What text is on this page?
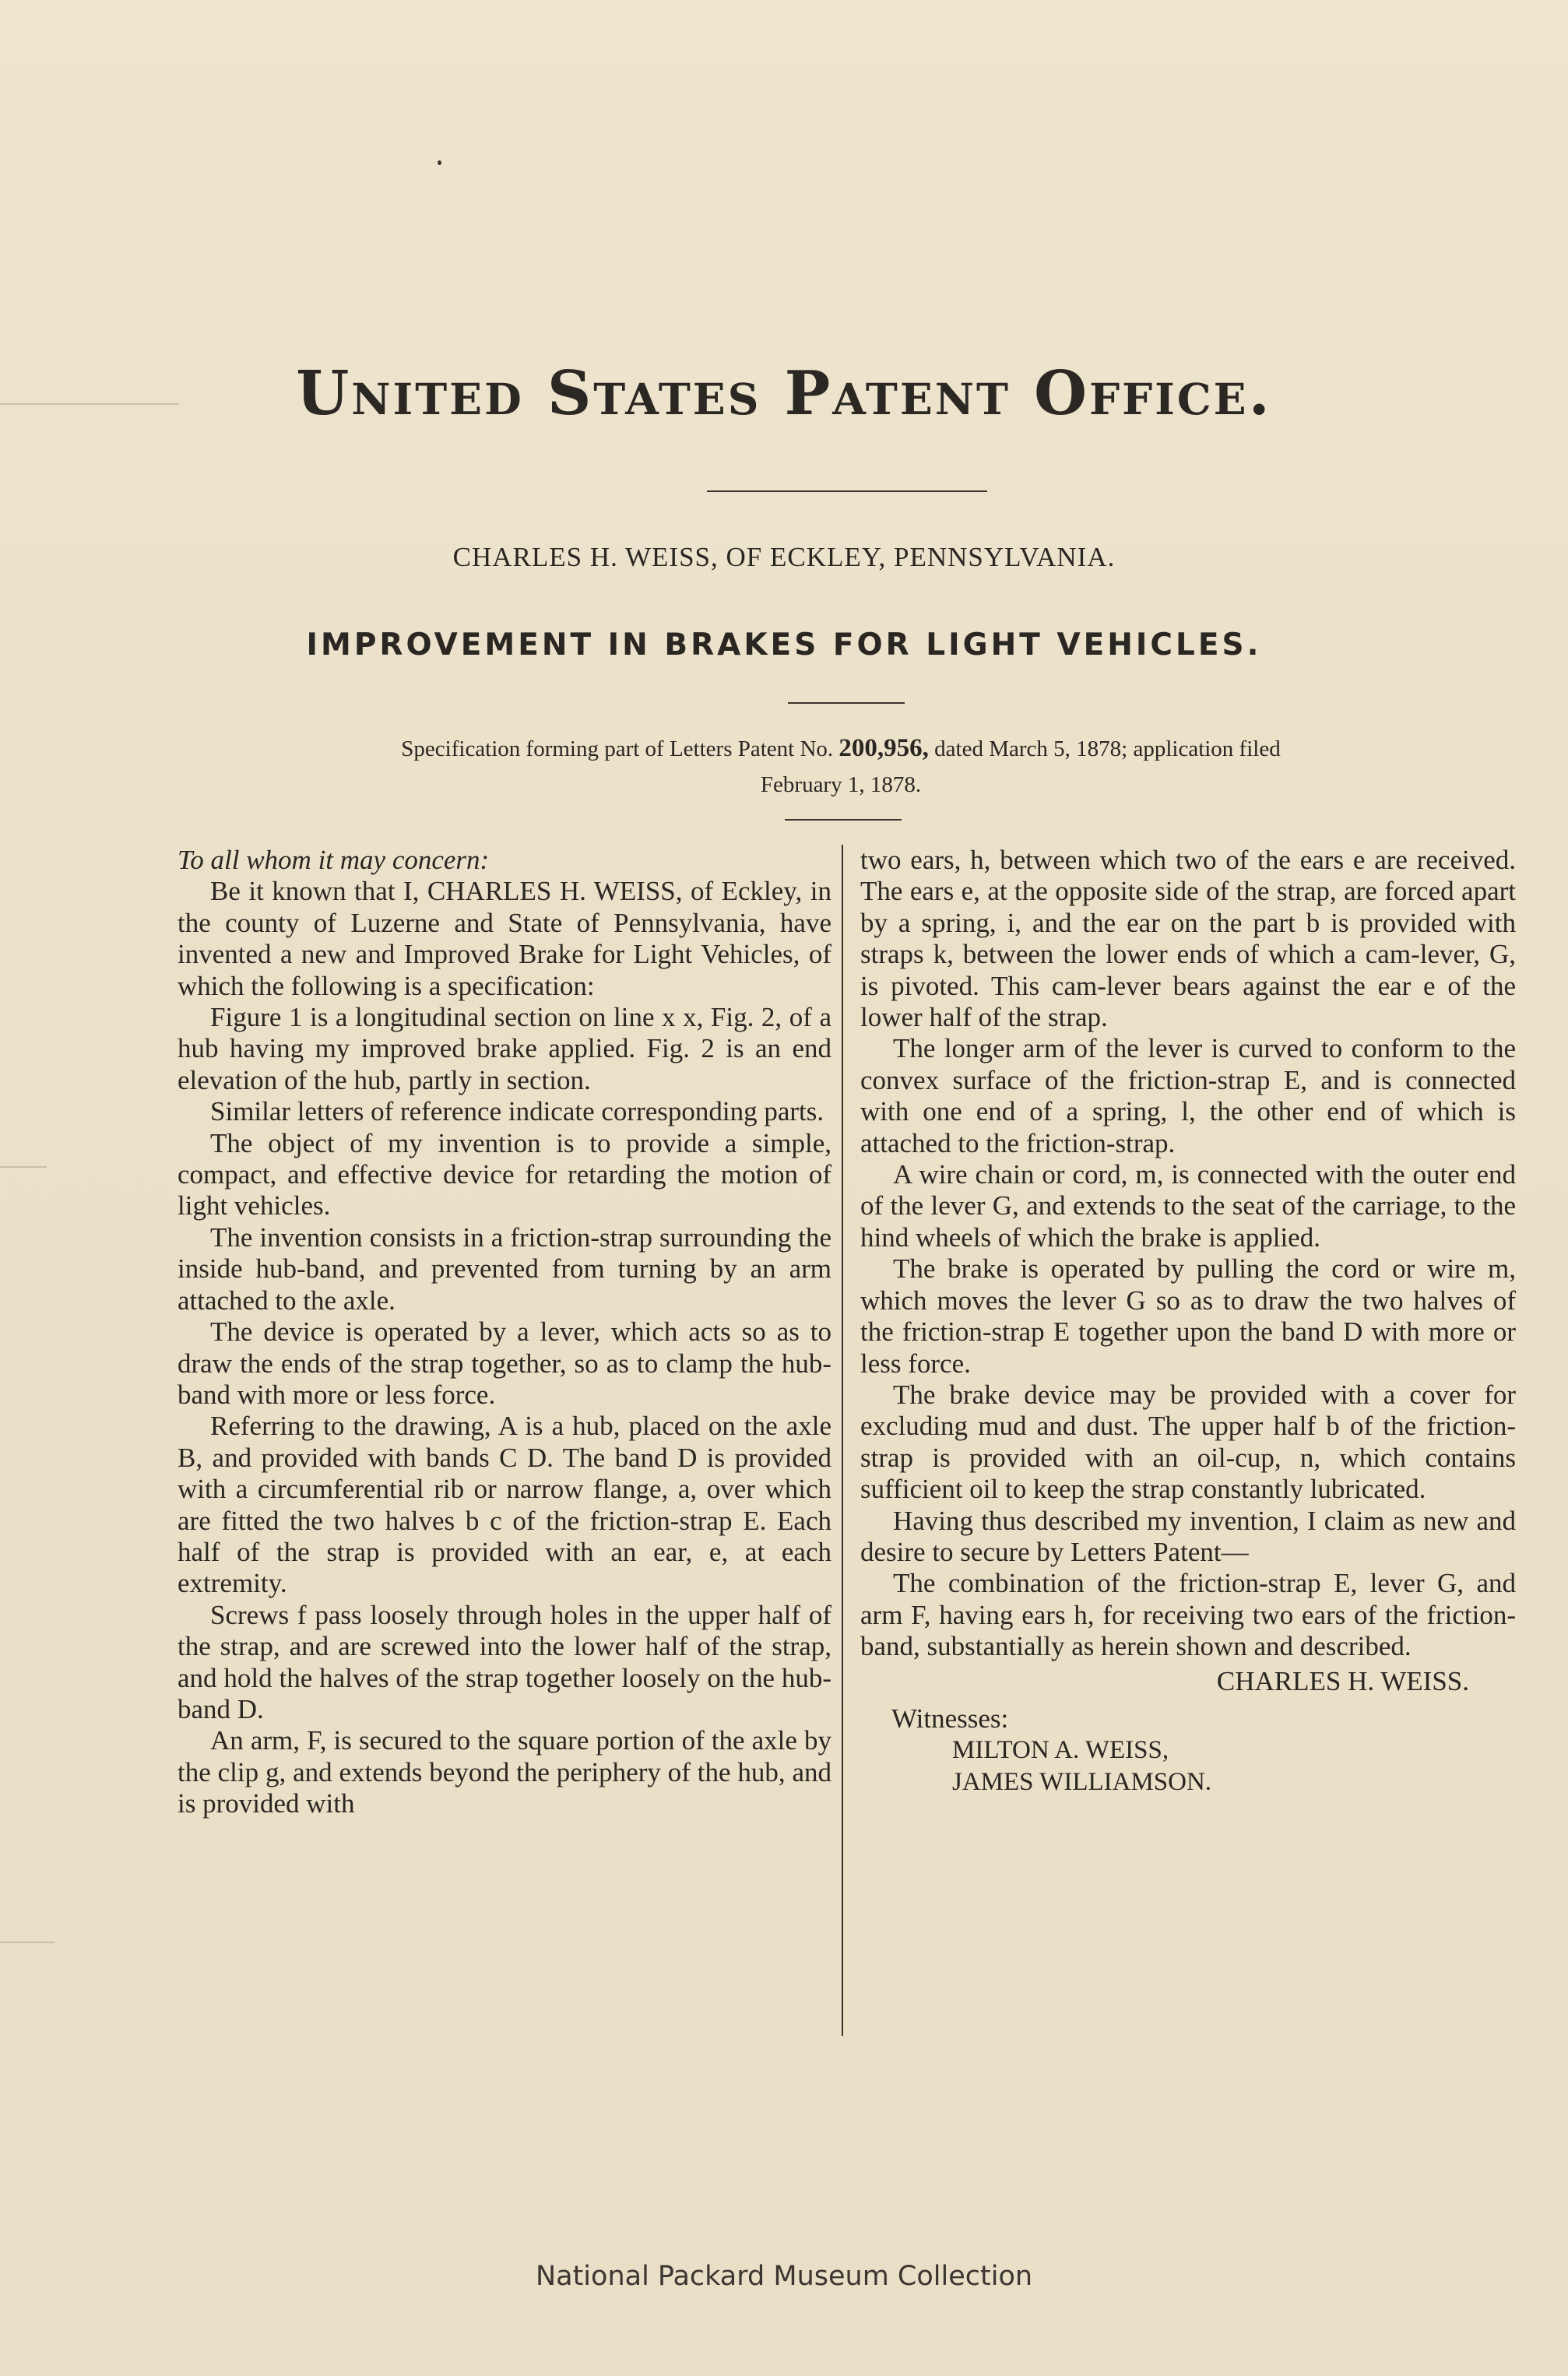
United States Patent Office.
CHARLES H. WEISS, OF ECKLEY, PENNSYLVANIA.
IMPROVEMENT IN BRAKES FOR LIGHT VEHICLES.
Specification forming part of Letters Patent No. 200,956, dated March 5, 1878; application filed
February 1, 1878.

To all whom it may concern:

Be it known that I, CHARLES H. WEISS, of Eckley, in the county of Luzerne and State of Pennsylvania, have invented a new and Improved Brake for Light Vehicles, of which the following is a specification:

Figure 1 is a longitudinal section on line x x, Fig. 2, of a hub having my improved brake applied. Fig. 2 is an end elevation of the hub, partly in section.

Similar letters of reference indicate corresponding parts.

The object of my invention is to provide a simple, compact, and effective device for retarding the motion of light vehicles.

The invention consists in a friction-strap surrounding the inside hub-band, and prevented from turning by an arm attached to the axle.

The device is operated by a lever, which acts so as to draw the ends of the strap together, so as to clamp the hub-band with more or less force.

Referring to the drawing, A is a hub, placed on the axle B, and provided with bands C D. The band D is provided with a circumferential rib or narrow flange, a, over which are fitted the two halves b c of the friction-strap E. Each half of the strap is provided with an ear, e, at each extremity.

Screws f pass loosely through holes in the upper half of the strap, and are screwed into the lower half of the strap, and hold the halves of the strap together loosely on the hub-band D.

An arm, F, is secured to the square portion of the axle by the clip g, and extends beyond the periphery of the hub, and is provided with

two ears, h, between which two of the ears e are received. The ears e, at the opposite side of the strap, are forced apart by a spring, i, and the ear on the part b is provided with straps k, between the lower ends of which a cam-lever, G, is pivoted. This cam-lever bears against the ear e of the lower half of the strap.

The longer arm of the lever is curved to conform to the convex surface of the friction-strap E, and is connected with one end of a spring, l, the other end of which is attached to the friction-strap.

A wire chain or cord, m, is connected with the outer end of the lever G, and extends to the seat of the carriage, to the hind wheels of which the brake is applied.

The brake is operated by pulling the cord or wire m, which moves the lever G so as to draw the two halves of the friction-strap E together upon the band D with more or less force.

The brake device may be provided with a cover for excluding mud and dust. The upper half b of the friction-strap is provided with an oil-cup, n, which contains sufficient oil to keep the strap constantly lubricated.

Having thus described my invention, I claim as new and desire to secure by Letters Patent—

The combination of the friction-strap E, lever G, and arm F, having ears h, for receiving two ears of the friction-band, substantially as herein shown and described.

CHARLES H. WEISS.

Witnesses:

MILTON A. WEISS,

JAMES WILLIAMSON.

National Packard Museum Collection
